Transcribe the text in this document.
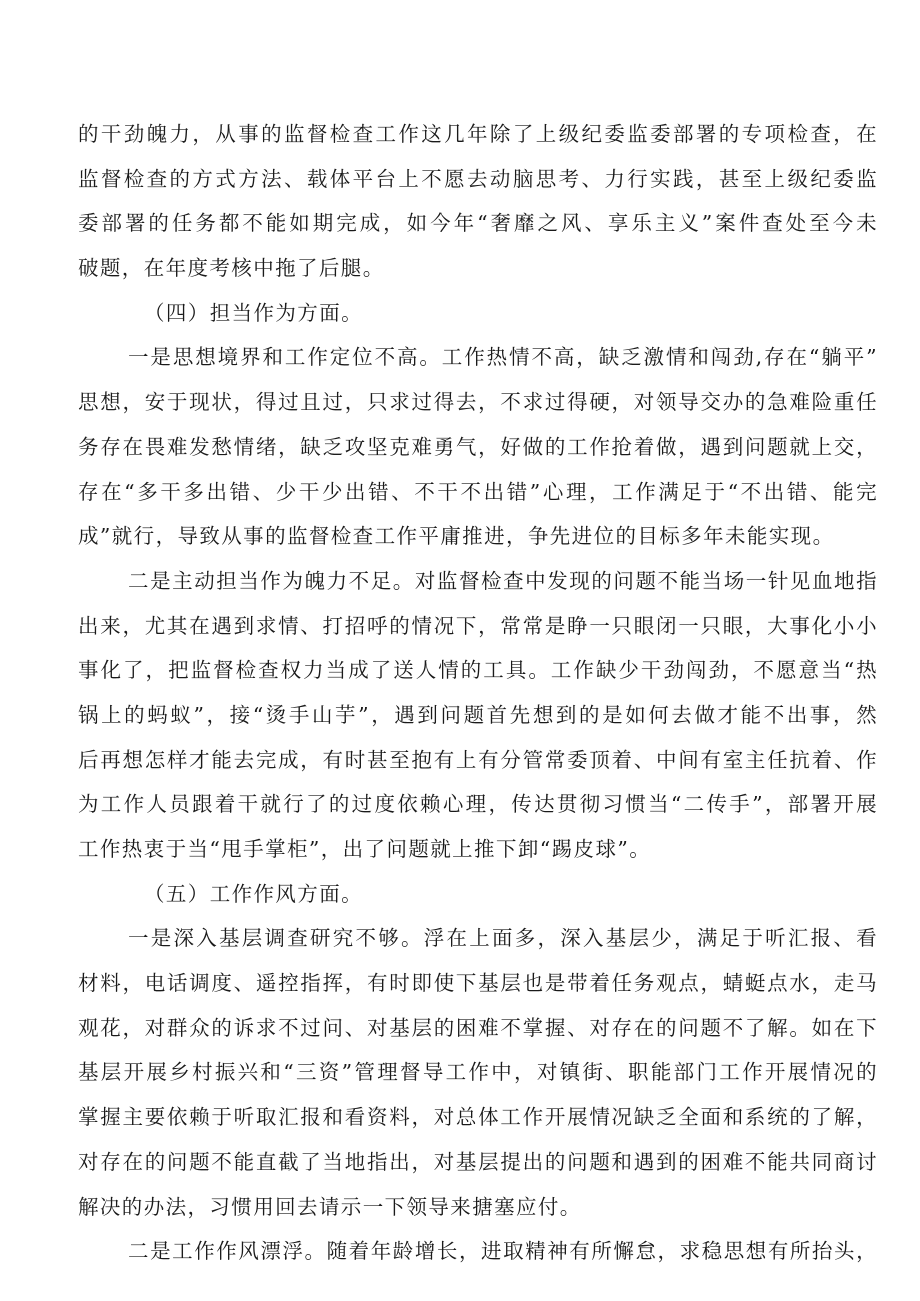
的干劲魄力，从事的监督检查工作这几年除了上级纪委监委部署的专项检查，在
监督检查的方式方法、载体平台上不愿去动脑思考、力行实践，甚至上级纪委监
委部署的任务都不能如期完成，如今年“奢靡之风、享乐主义”案件查处至今未
破题，在年度考核中拖了后腿。
（四）担当作为方面。
一是思想境界和工作定位不高。工作热情不高，缺乏激情和闯劲,存在“躺平”
思想，安于现状，得过且过，只求过得去，不求过得硬，对领导交办的急难险重任
务存在畏难发愁情绪，缺乏攻坚克难勇气，好做的工作抢着做，遇到问题就上交，
存在“多干多出错、少干少出错、不干不出错”心理，工作满足于“不出错、能完
成”就行，导致从事的监督检查工作平庸推进，争先进位的目标多年未能实现。
二是主动担当作为魄力不足。对监督检查中发现的问题不能当场一针见血地指
出来，尤其在遇到求情、打招呼的情况下，常常是睁一只眼闭一只眼，大事化小小
事化了，把监督检查权力当成了送人情的工具。工作缺少干劲闯劲，不愿意当“热
锅上的蚂蚁”，接“烫手山芋”，遇到问题首先想到的是如何去做才能不出事，然
后再想怎样才能去完成，有时甚至抱有上有分管常委顶着、中间有室主任抗着、作
为工作人员跟着干就行了的过度依赖心理，传达贯彻习惯当“二传手”，部署开展
工作热衷于当“甩手掌柜”，出了问题就上推下卸“踢皮球”。
（五）工作作风方面。
一是深入基层调查研究不够。浮在上面多，深入基层少，满足于听汇报、看
材料，电话调度、遥控指挥，有时即使下基层也是带着任务观点，蜻蜓点水，走马
观花，对群众的诉求不过问、对基层的困难不掌握、对存在的问题不了解。如在下
基层开展乡村振兴和“三资”管理督导工作中，对镇街、职能部门工作开展情况的
掌握主要依赖于听取汇报和看资料，对总体工作开展情况缺乏全面和系统的了解，
对存在的问题不能直截了当地指出，对基层提出的问题和遇到的困难不能共同商讨
解决的办法，习惯用回去请示一下领导来搪塞应付。
二是工作作风漂浮。随着年龄增长，进取精神有所懈怠，求稳思想有所抬头，
